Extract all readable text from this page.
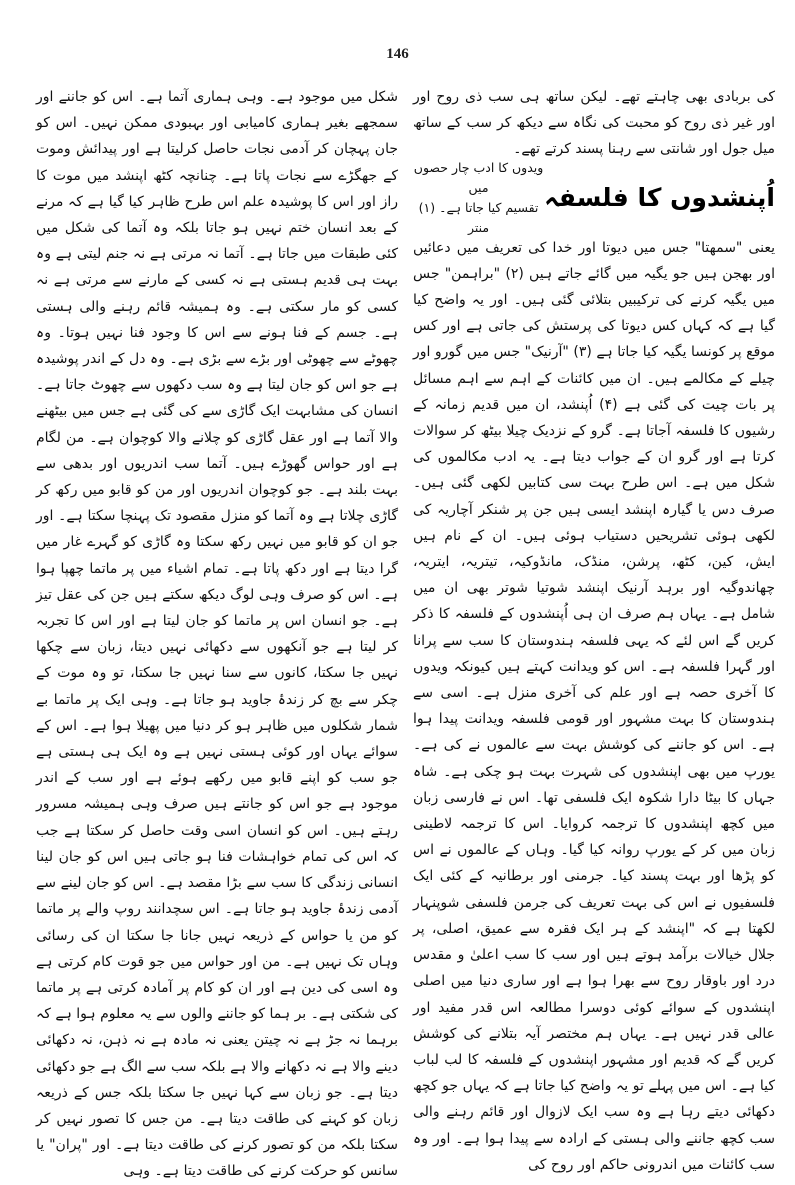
146

کی بربادی بھی چاہتے تھے۔ لیکن ساتھ ہی سب ذی روح اور اور غیر ذی روح کو محبت کی نگاہ سے دیکھ کر سب کے ساتھ میل جول اور شانتی سے رہنا پسند کرتے تھے۔

اُپنشدوں کا فلسفہ
ویدوں کا ادب چار حصوں میں
تقسیم کیا جاتا ہے۔ (۱) منتر

یعنی "سمھتا" جس میں دیوتا اور خدا کی تعریف میں دعائیں اور بھجن ہیں جو یگیہ میں گائے جاتے ہیں (۲) "براہمن" جس میں یگیہ کرنے کی ترکیبیں بتلائی گئی ہیں۔ اور یہ واضح کیا گیا ہے کہ کہاں کس دیوتا کی پرستش کی جاتی ہے اور کس موقع پر کونسا یگیہ کیا جاتا ہے (۳) "آرنیک" جس میں گورو اور چیلے کے مکالمے ہیں۔ ان میں کائنات کے اہم سے اہم مسائل پر بات چیت کی گئی ہے (۴) اُپنشد، ان میں قدیم زمانہ کے رشیوں کا فلسفہ آجاتا ہے۔ گرو کے نزدیک چیلا بیٹھ کر سوالات کرتا ہے اور گرو ان کے جواب دیتا ہے۔ یہ ادب مکالموں کی شکل میں ہے۔ اس طرح بہت سی کتابیں لکھی گئی ہیں۔ صرف دس یا گیارہ اپنشد ایسی ہیں جن پر شنکر آچاریہ کی لکھی ہوئی تشریحیں دستیاب ہوئی ہیں۔ ان کے نام ہیں ایش، کین، کٹھ، پرشن، منڈک، مانڈوکیہ، تیتریہ، ایتریہ، چھاندوگیہ اور برہد آرنیک اپنشد شوتیا شوتر بھی ان میں شامل ہے۔ یہاں ہم صرف ان ہی اُپنشدوں کے فلسفہ کا ذکر کریں گے اس لئے کہ یہی فلسفہ ہندوستان کا سب سے پرانا اور گہرا فلسفہ ہے۔ اس کو ویدانت کہتے ہیں کیونکہ ویدوں کا آخری حصہ ہے اور علم کی آخری منزل ہے۔ اسی سے ہندوستان کا بہت مشہور اور قومی فلسفہ ویدانت پیدا ہوا ہے۔ اس کو جاننے کی کوشش بہت سے عالموں نے کی ہے۔ یورپ میں بھی اپنشدوں کی شہرت بہت ہو چکی ہے۔ شاہ جہاں کا بیٹا دارا شکوہ ایک فلسفی تھا۔ اس نے فارسی زبان میں کچھ اپنشدوں کا ترجمہ کروایا۔ اس کا ترجمہ لاطینی زبان میں کر کے یورپ روانہ کیا گیا۔ وہاں کے عالموں نے اس کو پڑھا اور بہت پسند کیا۔ جرمنی اور برطانیہ کے کئی ایک فلسفیوں نے اس کی بہت تعریف کی جرمن فلسفی شوپنہار لکھتا ہے کہ "اپنشد کے ہر ایک فقرہ سے عمیق، اصلی، پر جلال خیالات برآمد ہوتے ہیں اور سب کا سب اعلیٰ و مقدس درد اور باوقار روح سے بھرا ہوا ہے اور ساری دنیا میں اصلی اپنشدوں کے سوائے کوئی دوسرا مطالعہ اس قدر مفید اور عالی قدر نہیں ہے۔ یہاں ہم مختصر آیہ بتلانے کی کوشش کریں گے کہ قدیم اور مشہور اپنشدوں کے فلسفہ کا لب لباب کیا ہے۔ اس میں پہلے تو یہ واضح کیا جاتا ہے کہ یہاں جو کچھ دکھائی دیتے رہا ہے وہ سب ایک لازوال اور قائم رہنے والی سب کچھ جاننے والی ہستی کے ارادہ سے پیدا ہوا ہے۔ اور وہ سب کائنات میں اندرونی حاکم اور روح کی

شکل میں موجود ہے۔ وہی ہماری آتما ہے۔ اس کو جاننے اور سمجھے بغیر ہماری کامیابی اور بہبودی ممکن نہیں۔ اس کو جان پہچان کر آدمی نجات حاصل کرلیتا ہے اور پیدائش وموت کے جھگڑے سے نجات پاتا ہے۔ چنانچہ کٹھ اپنشد میں موت کا راز اور اس کا پوشیدہ علم اس طرح ظاہر کیا گیا ہے کہ مرنے کے بعد انسان ختم نہیں ہو جاتا بلکہ وہ آتما کی شکل میں کئی طبقات میں جاتا ہے۔ آتما نہ مرتی ہے نہ جنم لیتی ہے وہ بہت ہی قدیم ہستی ہے نہ کسی کے مارنے سے مرتی ہے نہ کسی کو مار سکتی ہے۔ وہ ہمیشہ قائم رہنے والی ہستی ہے۔ جسم کے فنا ہونے سے اس کا وجود فنا نہیں ہوتا۔ وہ چھوٹے سے چھوٹی اور بڑے سے بڑی ہے۔ وہ دل کے اندر پوشیدہ ہے جو اس کو جان لیتا ہے وہ سب دکھوں سے چھوٹ جاتا ہے۔ انسان کی مشابہت ایک گاڑی سے کی گئی ہے جس میں بیٹھنے والا آتما ہے اور عقل گاڑی کو چلانے والا کوچوان ہے۔ من لگام ہے اور حواس گھوڑے ہیں۔ آتما سب اندریوں اور بدھی سے بہت بلند ہے۔ جو کوچوان اندریوں اور من کو قابو میں رکھ کر گاڑی چلاتا ہے وہ آتما کو منزل مقصود تک پہنچا سکتا ہے۔ اور جو ان کو قابو میں نہیں رکھ سکتا وہ گاڑی کو گہرے غار میں گرا دیتا ہے اور دکھ پاتا ہے۔ تمام اشیاء میں پر ماتما چھپا ہوا ہے۔ اس کو صرف وہی لوگ دیکھ سکتے ہیں جن کی عقل تیز ہے۔ جو انسان اس پر ماتما کو جان لیتا ہے اور اس کا تجربہ کر لیتا ہے جو آنکھوں سے دکھائی نہیں دیتا، زبان سے چکھا نہیں جا سکتا، کانوں سے سنا نہیں جا سکتا، تو وہ موت کے چکر سے بچ کر زندۂ جاوید ہو جاتا ہے۔ وہی ایک پر ماتما بے شمار شکلوں میں ظاہر ہو کر دنیا میں پھیلا ہوا ہے۔ اس کے سوائے یہاں اور کوئی ہستی نہیں ہے وہ ایک ہی ہستی ہے جو سب کو اپنے قابو میں رکھے ہوئے ہے اور سب کے اندر موجود ہے جو اس کو جانتے ہیں صرف وہی ہمیشہ مسرور رہتے ہیں۔ اس کو انسان اسی وقت حاصل کر سکتا ہے جب کہ اس کی تمام خواہشات فنا ہو جاتی ہیں اس کو جان لینا انسانی زندگی کا سب سے بڑا مقصد ہے۔ اس کو جان لینے سے آدمی زندۂ جاوید ہو جاتا ہے۔ اس سچدانند روپ والے پر ماتما کو من یا حواس کے ذریعہ نہیں جانا جا سکتا ان کی رسائی وہاں تک نہیں ہے۔ من اور حواس میں جو قوت کام کرتی ہے وہ اسی کی دین ہے اور ان کو کام پر آمادہ کرتی ہے پر ماتما کی شکتی ہے۔ بر ہما کو جاننے والوں سے یہ معلوم ہوا ہے کہ برہما نہ جڑ ہے نہ چیتن یعنی نہ مادہ ہے نہ ذہن، نہ دکھائی دینے والا ہے نہ دکھانے والا ہے بلکہ سب سے الگ ہے جو دکھائی دیتا ہے۔ جو زبان سے کہا نہیں جا سکتا بلکہ جس کے ذریعہ زبان کو کہنے کی طاقت دیتا ہے۔ من جس کا تصور نہیں کر سکتا بلکہ من کو تصور کرنے کی طاقت دیتا ہے۔ اور "پران" یا سانس کو حرکت کرنے کی طاقت دیتا ہے۔ وہی
